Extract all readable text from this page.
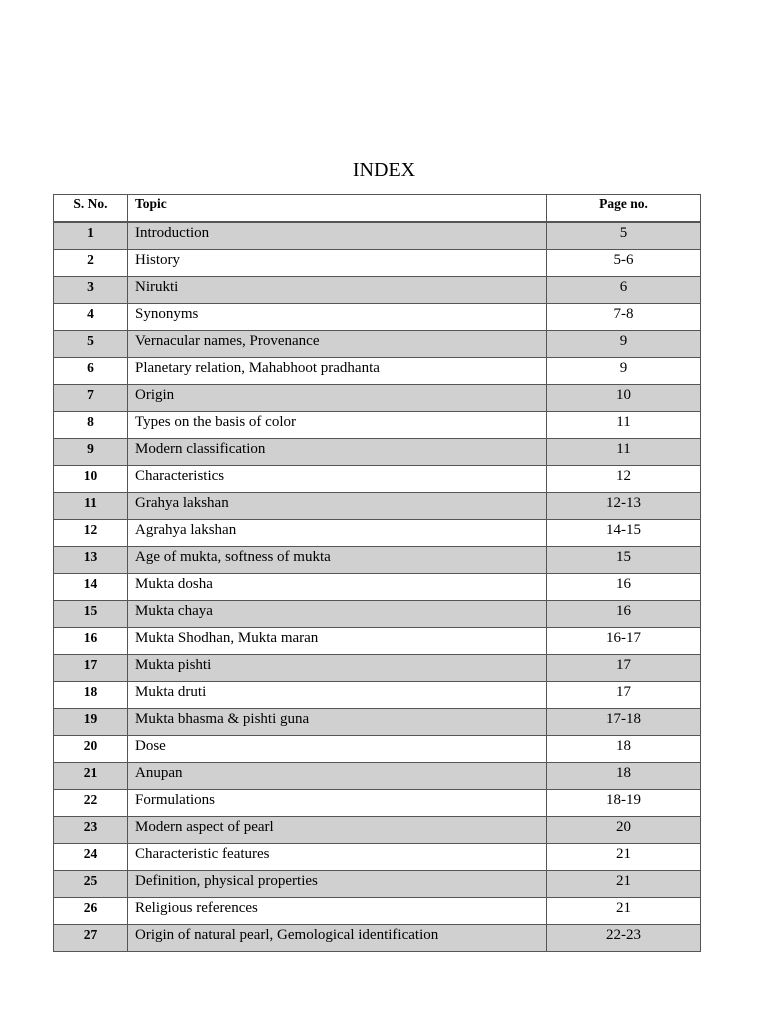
INDEX
S. No.	Topic	Page no.
1	Introduction	5
2	History	5-6
3	Nirukti	6
4	Synonyms	7-8
5	Vernacular names, Provenance	9
6	Planetary relation, Mahabhoot pradhanta	9
7	Origin	10
8	Types on the basis of color	11
9	Modern classification	11
10	Characteristics	12
11	Grahya lakshan	12-13
12	Agrahya lakshan	14-15
13	Age of mukta, softness of mukta	15
14	Mukta dosha	16
15	Mukta chaya	16
16	Mukta Shodhan, Mukta maran	16-17
17	Mukta pishti	17
18	Mukta druti	17
19	Mukta bhasma & pishti guna	17-18
20	Dose	18
21	Anupan	18
22	Formulations	18-19
23	Modern aspect of pearl	20
24	Characteristic features	21
25	Definition, physical properties	21
26	Religious references	21
27	Origin of natural pearl, Gemological identification	22-23
